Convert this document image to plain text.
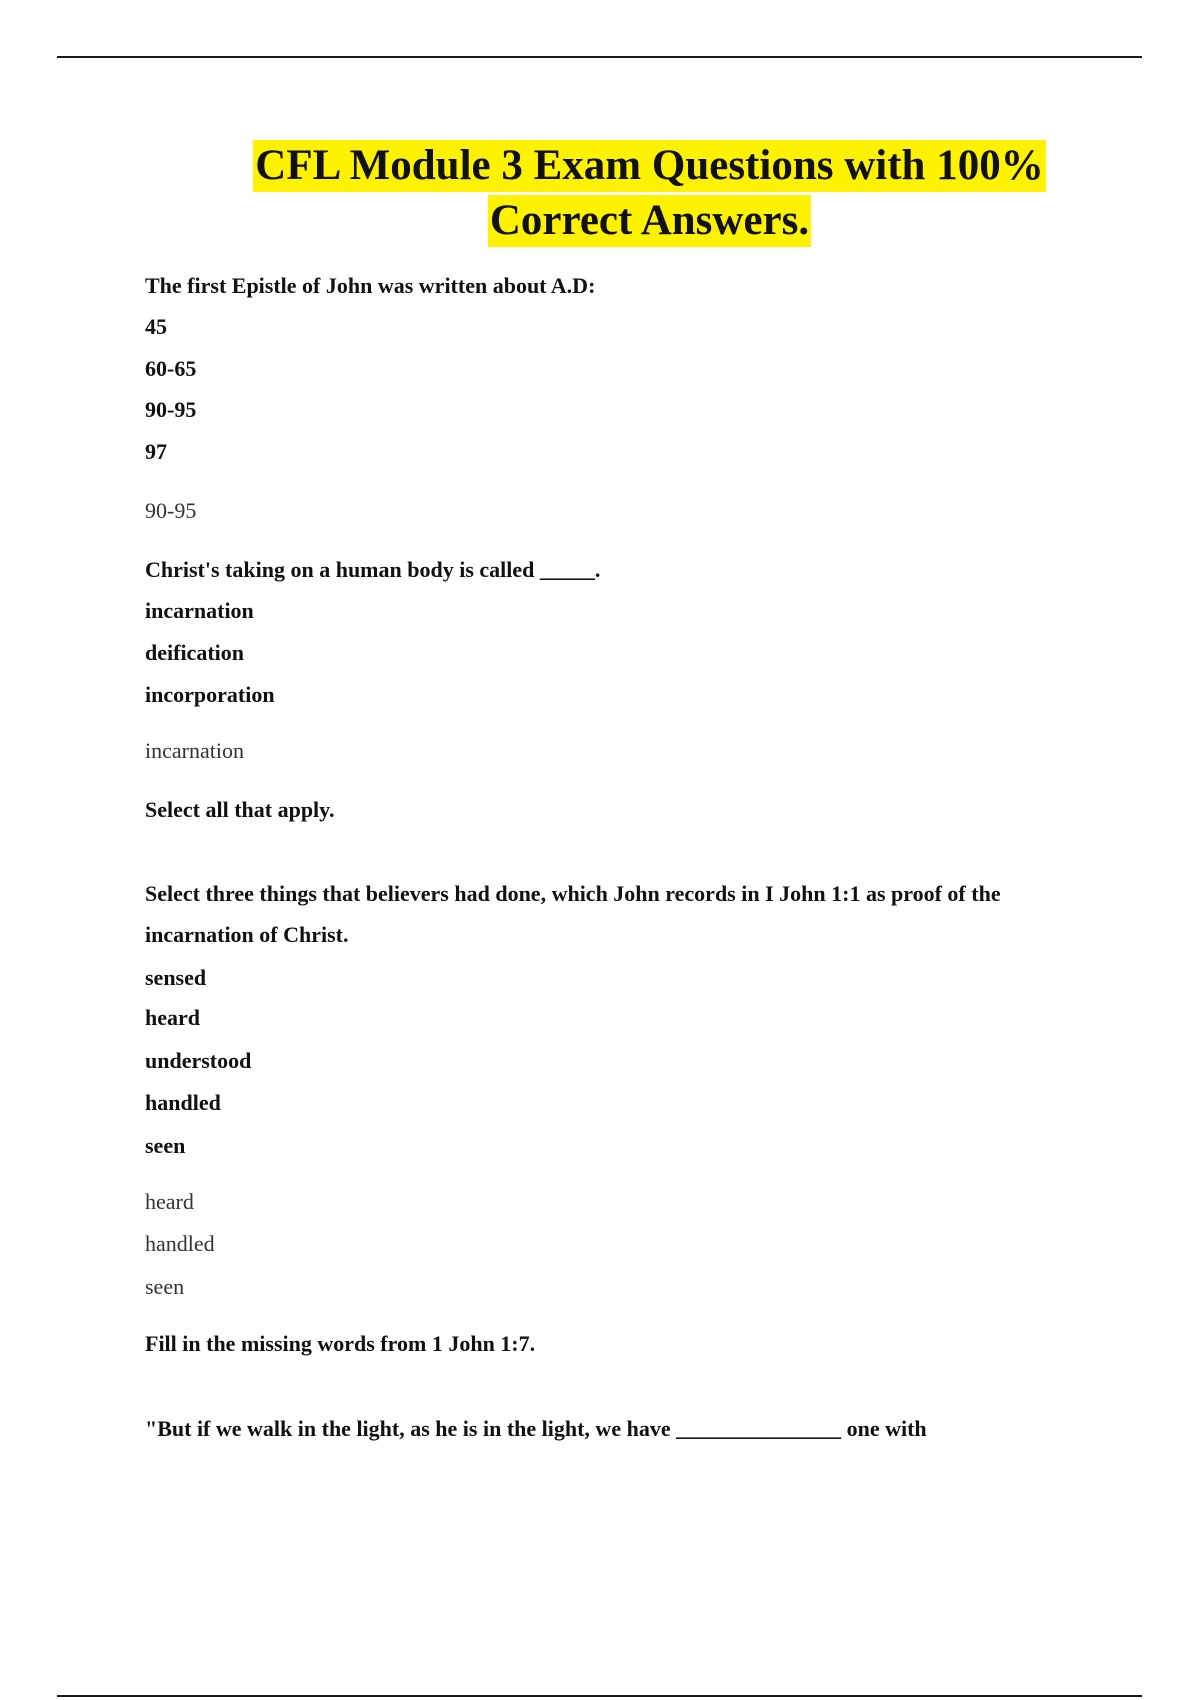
CFL Module 3 Exam Questions with 100%
Correct Answers.
The first Epistle of John was written about A.D:
45
60-65
90-95
97
90-95
Christ's taking on a human body is called _____.
incarnation
deification
incorporation
incarnation
Select all that apply.
Select three things that believers had done, which John records in I John 1:1 as proof of the
incarnation of Christ.
sensed
heard
understood
handled
seen
heard
handled
seen
Fill in the missing words from 1 John 1:7.
"But if we walk in the light, as he is in the light, we have _______________ one with
